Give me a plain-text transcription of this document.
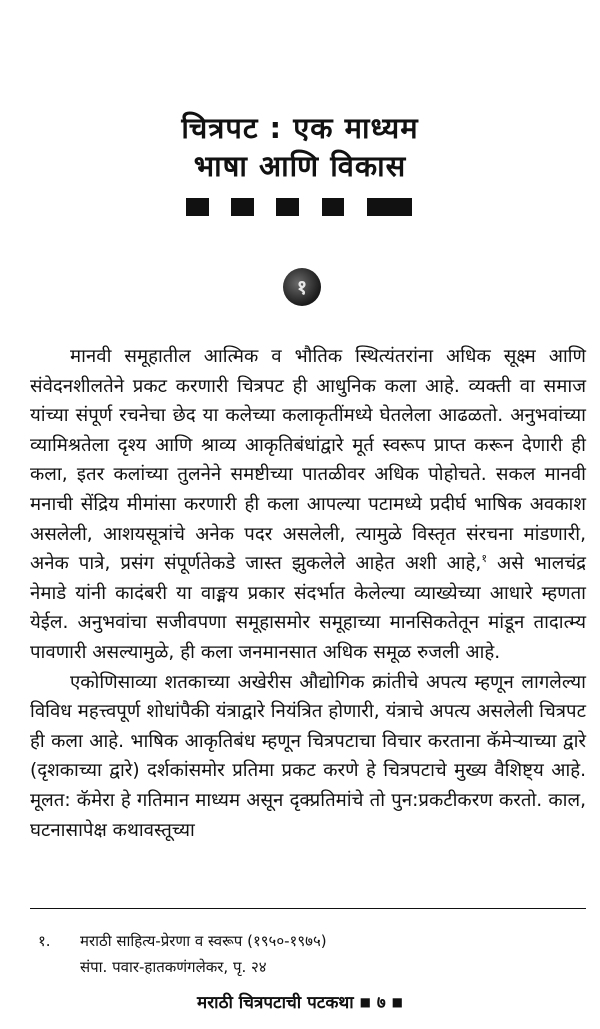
चित्रपट : एक माध्यम
भाषा आणि विकास
१

मानवी समूहातील आत्मिक व भौतिक स्थित्यंतरांना अधिक सूक्ष्म आणि संवेदनशीलतेने प्रकट करणारी चित्रपट ही आधुनिक कला आहे. व्यक्ती वा समाज यांच्या संपूर्ण रचनेचा छेद या कलेच्या कलाकृतींमध्ये घेतलेला आढळतो. अनुभवांच्या व्यामिश्रतेला दृश्य आणि श्राव्य आकृतिबंधांद्वारे मूर्त स्वरूप प्राप्त करून देणारी ही कला, इतर कलांच्या तुलनेने समष्टीच्या पातळीवर अधिक पोहोचते. सकल मानवी मनाची सेंद्रिय मीमांसा करणारी ही कला आपल्या पटामध्ये प्रदीर्घ भाषिक अवकाश असलेली, आशयसूत्रांचे अनेक पदर असलेली, त्यामुळे विस्तृत संरचना मांडणारी, अनेक पात्रे, प्रसंग संपूर्णतेकडे जास्त झुकलेले आहेत अशी आहे,$^१$ असे भालचंद्र नेमाडे यांनी कादंबरी या वाङ्मय प्रकार संदर्भात केलेल्या व्याख्येच्या आधारे म्हणता येईल. अनुभवांचा सजीवपणा समूहासमोर समूहाच्या मानसिकतेतून मांडून तादात्म्य पावणारी असल्यामुळे, ही कला जनमानसात अधिक समूळ रुजली आहे.

एकोणिसाव्या शतकाच्या अखेरीस औद्योगिक क्रांतीचे अपत्य म्हणून लागलेल्या विविध महत्त्वपूर्ण शोधांपैकी यंत्राद्वारे नियंत्रित होणारी, यंत्राचे अपत्य असलेली चित्रपट ही कला आहे. भाषिक आकृतिबंध म्हणून चित्रपटाचा विचार करताना कॅमेऱ्याच्या द्वारे (दृशकाच्या द्वारे) दर्शकांसमोर प्रतिमा प्रकट करणे हे चित्रपटाचे मुख्य वैशिष्ट्य आहे. मूलत: कॅमेरा हे गतिमान माध्यम असून दृक्प्रतिमांचे तो पुन:प्रकटीकरण करतो. काल, घटनासापेक्ष कथावस्तूच्या

१. मराठी साहित्य-प्रेरणा व स्वरूप (१९५०-१९७५)
संपा. पवार-हातकणंगलेकर, पृ. २४
मराठी चित्रपटाची पटकथा ■ ७ ■
